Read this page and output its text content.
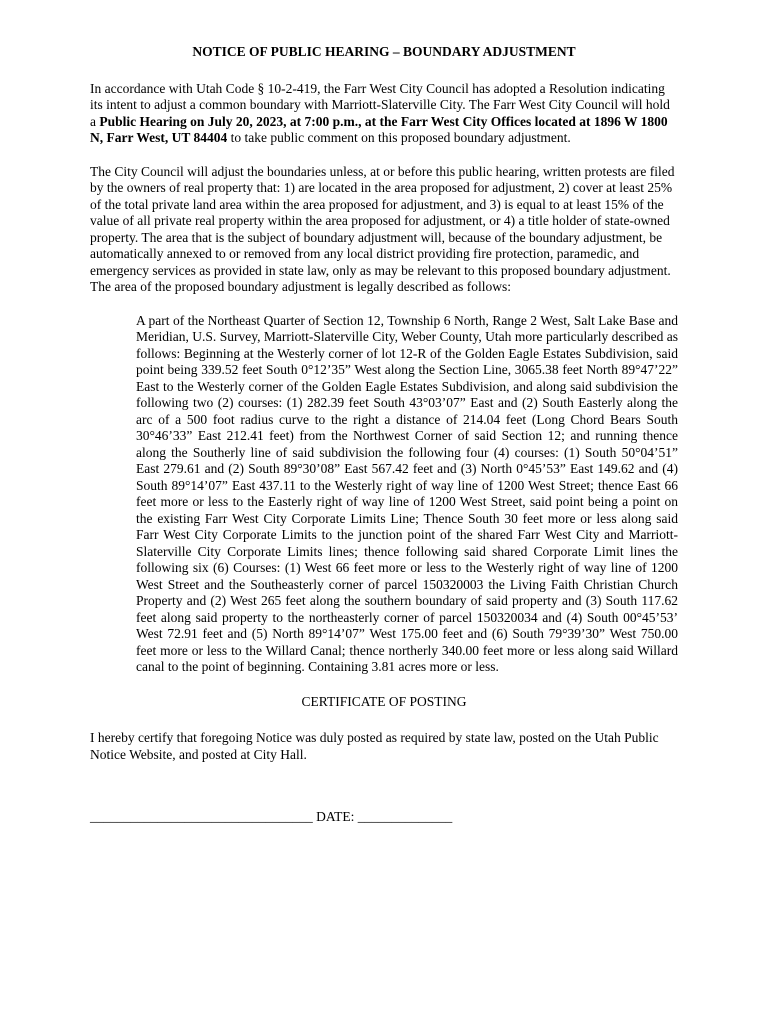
NOTICE OF PUBLIC HEARING – BOUNDARY ADJUSTMENT

In accordance with Utah Code § 10-2-419, the Farr West City Council has adopted a Resolution indicating its intent to adjust a common boundary with Marriott-Slaterville City. The Farr West City Council will hold a Public Hearing on July 20, 2023, at 7:00 p.m., at the Farr West City Offices located at 1896 W 1800 N, Farr West, UT 84404 to take public comment on this proposed boundary adjustment.

The City Council will adjust the boundaries unless, at or before this public hearing, written protests are filed by the owners of real property that: 1) are located in the area proposed for adjustment, 2) cover at least 25% of the total private land area within the area proposed for adjustment, and 3) is equal to at least 15% of the value of all private real property within the area proposed for adjustment, or 4) a title holder of state-owned property. The area that is the subject of boundary adjustment will, because of the boundary adjustment, be automatically annexed to or removed from any local district providing fire protection, paramedic, and emergency services as provided in state law, only as may be relevant to this proposed boundary adjustment. The area of the proposed boundary adjustment is legally described as follows:

A part of the Northeast Quarter of Section 12, Township 6 North, Range 2 West, Salt Lake Base and Meridian, U.S. Survey, Marriott-Slaterville City, Weber County, Utah more particularly described as follows: Beginning at the Westerly corner of lot 12-R of the Golden Eagle Estates Subdivision, said point being 339.52 feet South 0°12’35” West along the Section Line, 3065.38 feet North 89°47’22” East to the Westerly corner of the Golden Eagle Estates Subdivision, and along said subdivision the following two (2) courses: (1) 282.39 feet South 43°03’07” East and (2) South Easterly along the arc of a 500 foot radius curve to the right a distance of 214.04 feet (Long Chord Bears South 30°46’33” East 212.41 feet) from the Northwest Corner of said Section 12; and running thence along the Southerly line of said subdivision the following four (4) courses: (1) South 50°04’51” East 279.61 and (2) South 89°30’08” East 567.42 feet and (3) North 0°45’53” East 149.62 and (4) South 89°14’07” East 437.11 to the Westerly right of way line of 1200 West Street; thence East 66 feet more or less to the Easterly right of way line of 1200 West Street, said point being a point on the existing Farr West City Corporate Limits Line; Thence South 30 feet more or less along said Farr West City Corporate Limits to the junction point of the shared Farr West City and Marriott-Slaterville City Corporate Limits lines; thence following said shared Corporate Limit lines the following six (6) Courses: (1) West 66 feet more or less to the Westerly right of way line of 1200 West Street and the Southeasterly corner of parcel 150320003 the Living Faith Christian Church Property and (2) West 265 feet along the southern boundary of said property and (3) South 117.62 feet along said property to the northeasterly corner of parcel 150320034 and (4) South 00°45’53’ West 72.91 feet and (5) North 89°14’07” West 175.00 feet and (6) South 79°39’30” West 750.00 feet more or less to the Willard Canal; thence northerly 340.00 feet more or less along said Willard canal to the point of beginning. Containing 3.81 acres more or less.

CERTIFICATE OF POSTING

I hereby certify that foregoing Notice was duly posted as required by state law, posted on the Utah Public Notice Website, and posted at City Hall.

_________________________________ DATE: ______________
